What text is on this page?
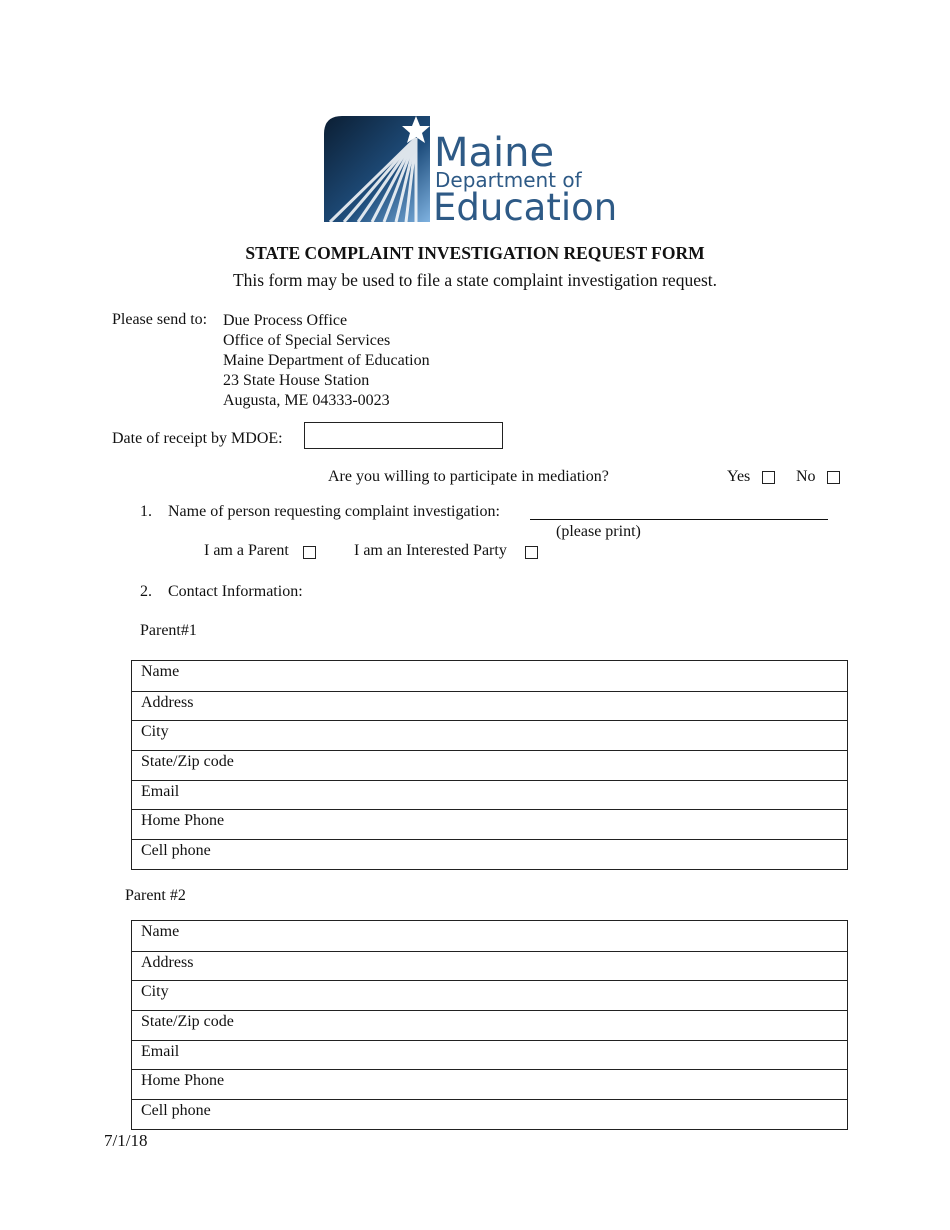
Maine
Department of
Education
STATE COMPLAINT INVESTIGATION REQUEST FORM
This form may be used to file a state complaint investigation request.
Please send to: Due Process Office
Office of Special Services
Maine Department of Education
23 State House Station
Augusta, ME 04333-0023
Date of receipt by MDOE:
Are you willing to participate in mediation?	Yes	No
1. Name of person requesting complaint investigation:
(please print)
I am a Parent	I am an Interested Party
2. Contact Information:
Parent#1
Name
Address
City
State/Zip code
Email
Home Phone
Cell phone
Parent #2
Name
Address
City
State/Zip code
Email
Home Phone
Cell phone
7/1/18
